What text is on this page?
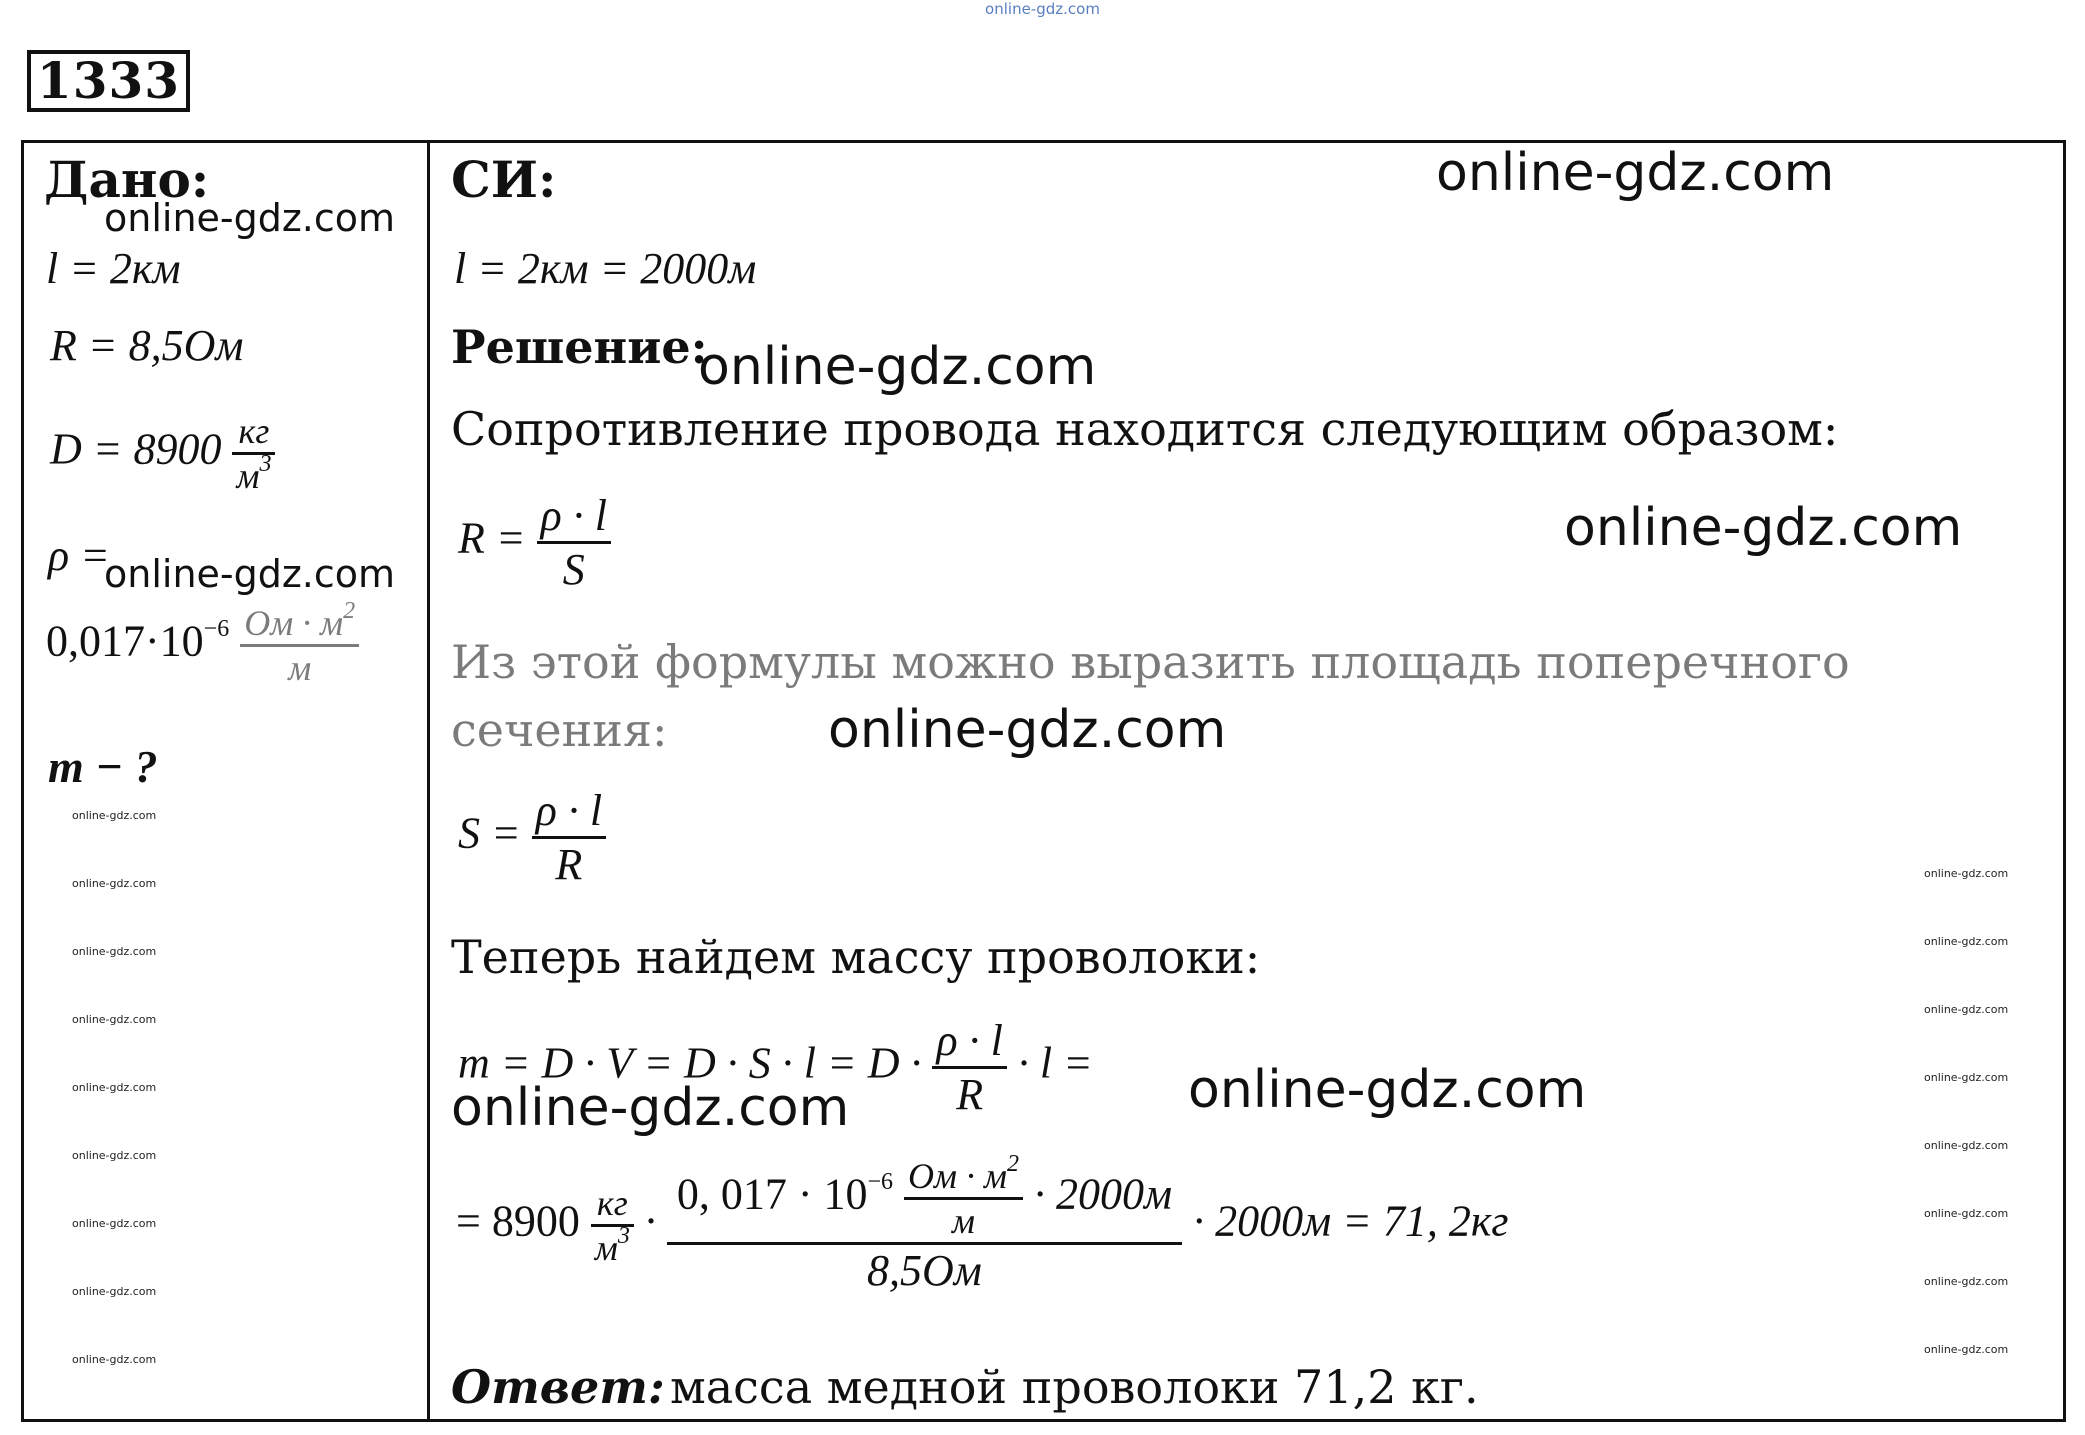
online-gdz.com
1333
Дано:
online-gdz.com
l = 2км
R = 8,5Ом
$D = 8900 \frac{кг}{м^3}$
ρ =
online-gdz.com
$0,017\cdot 10^{-6} \frac{Ом \cdot м^2}{м}$
m − ?
online-gdz.com
online-gdz.com
online-gdz.com
online-gdz.com
online-gdz.com
online-gdz.com
online-gdz.com
online-gdz.com
online-gdz.com
СИ:	online-gdz.com
l = 2км = 2000м
Решение:
online-gdz.com
Сопротивление провода находится следующим образом:
$R = \frac{\rho \cdot l}{S}$	online-gdz.com
Из этой формулы можно выразить площадь поперечного
сечения:	online-gdz.com
$S = \frac{\rho \cdot l}{R}$
Теперь найдем массу проволоки:
$m = D \cdot V = D \cdot S \cdot l = D \cdot \frac{\rho \cdot l}{R} \cdot l$ =
online-gdz.com	online-gdz.com
= $8900 \frac{кг}{м^3}$ ·
0, $017 \cdot 10^{-6} \frac{Ом \cdot м^2}{м} \cdot 2000м$
8,5Ом
· 2000м = 71, 2кг
Ответ: масса медной проволоки 71,2 кг.
online-gdz.com
online-gdz.com
online-gdz.com
online-gdz.com
online-gdz.com
online-gdz.com
online-gdz.com
online-gdz.com
